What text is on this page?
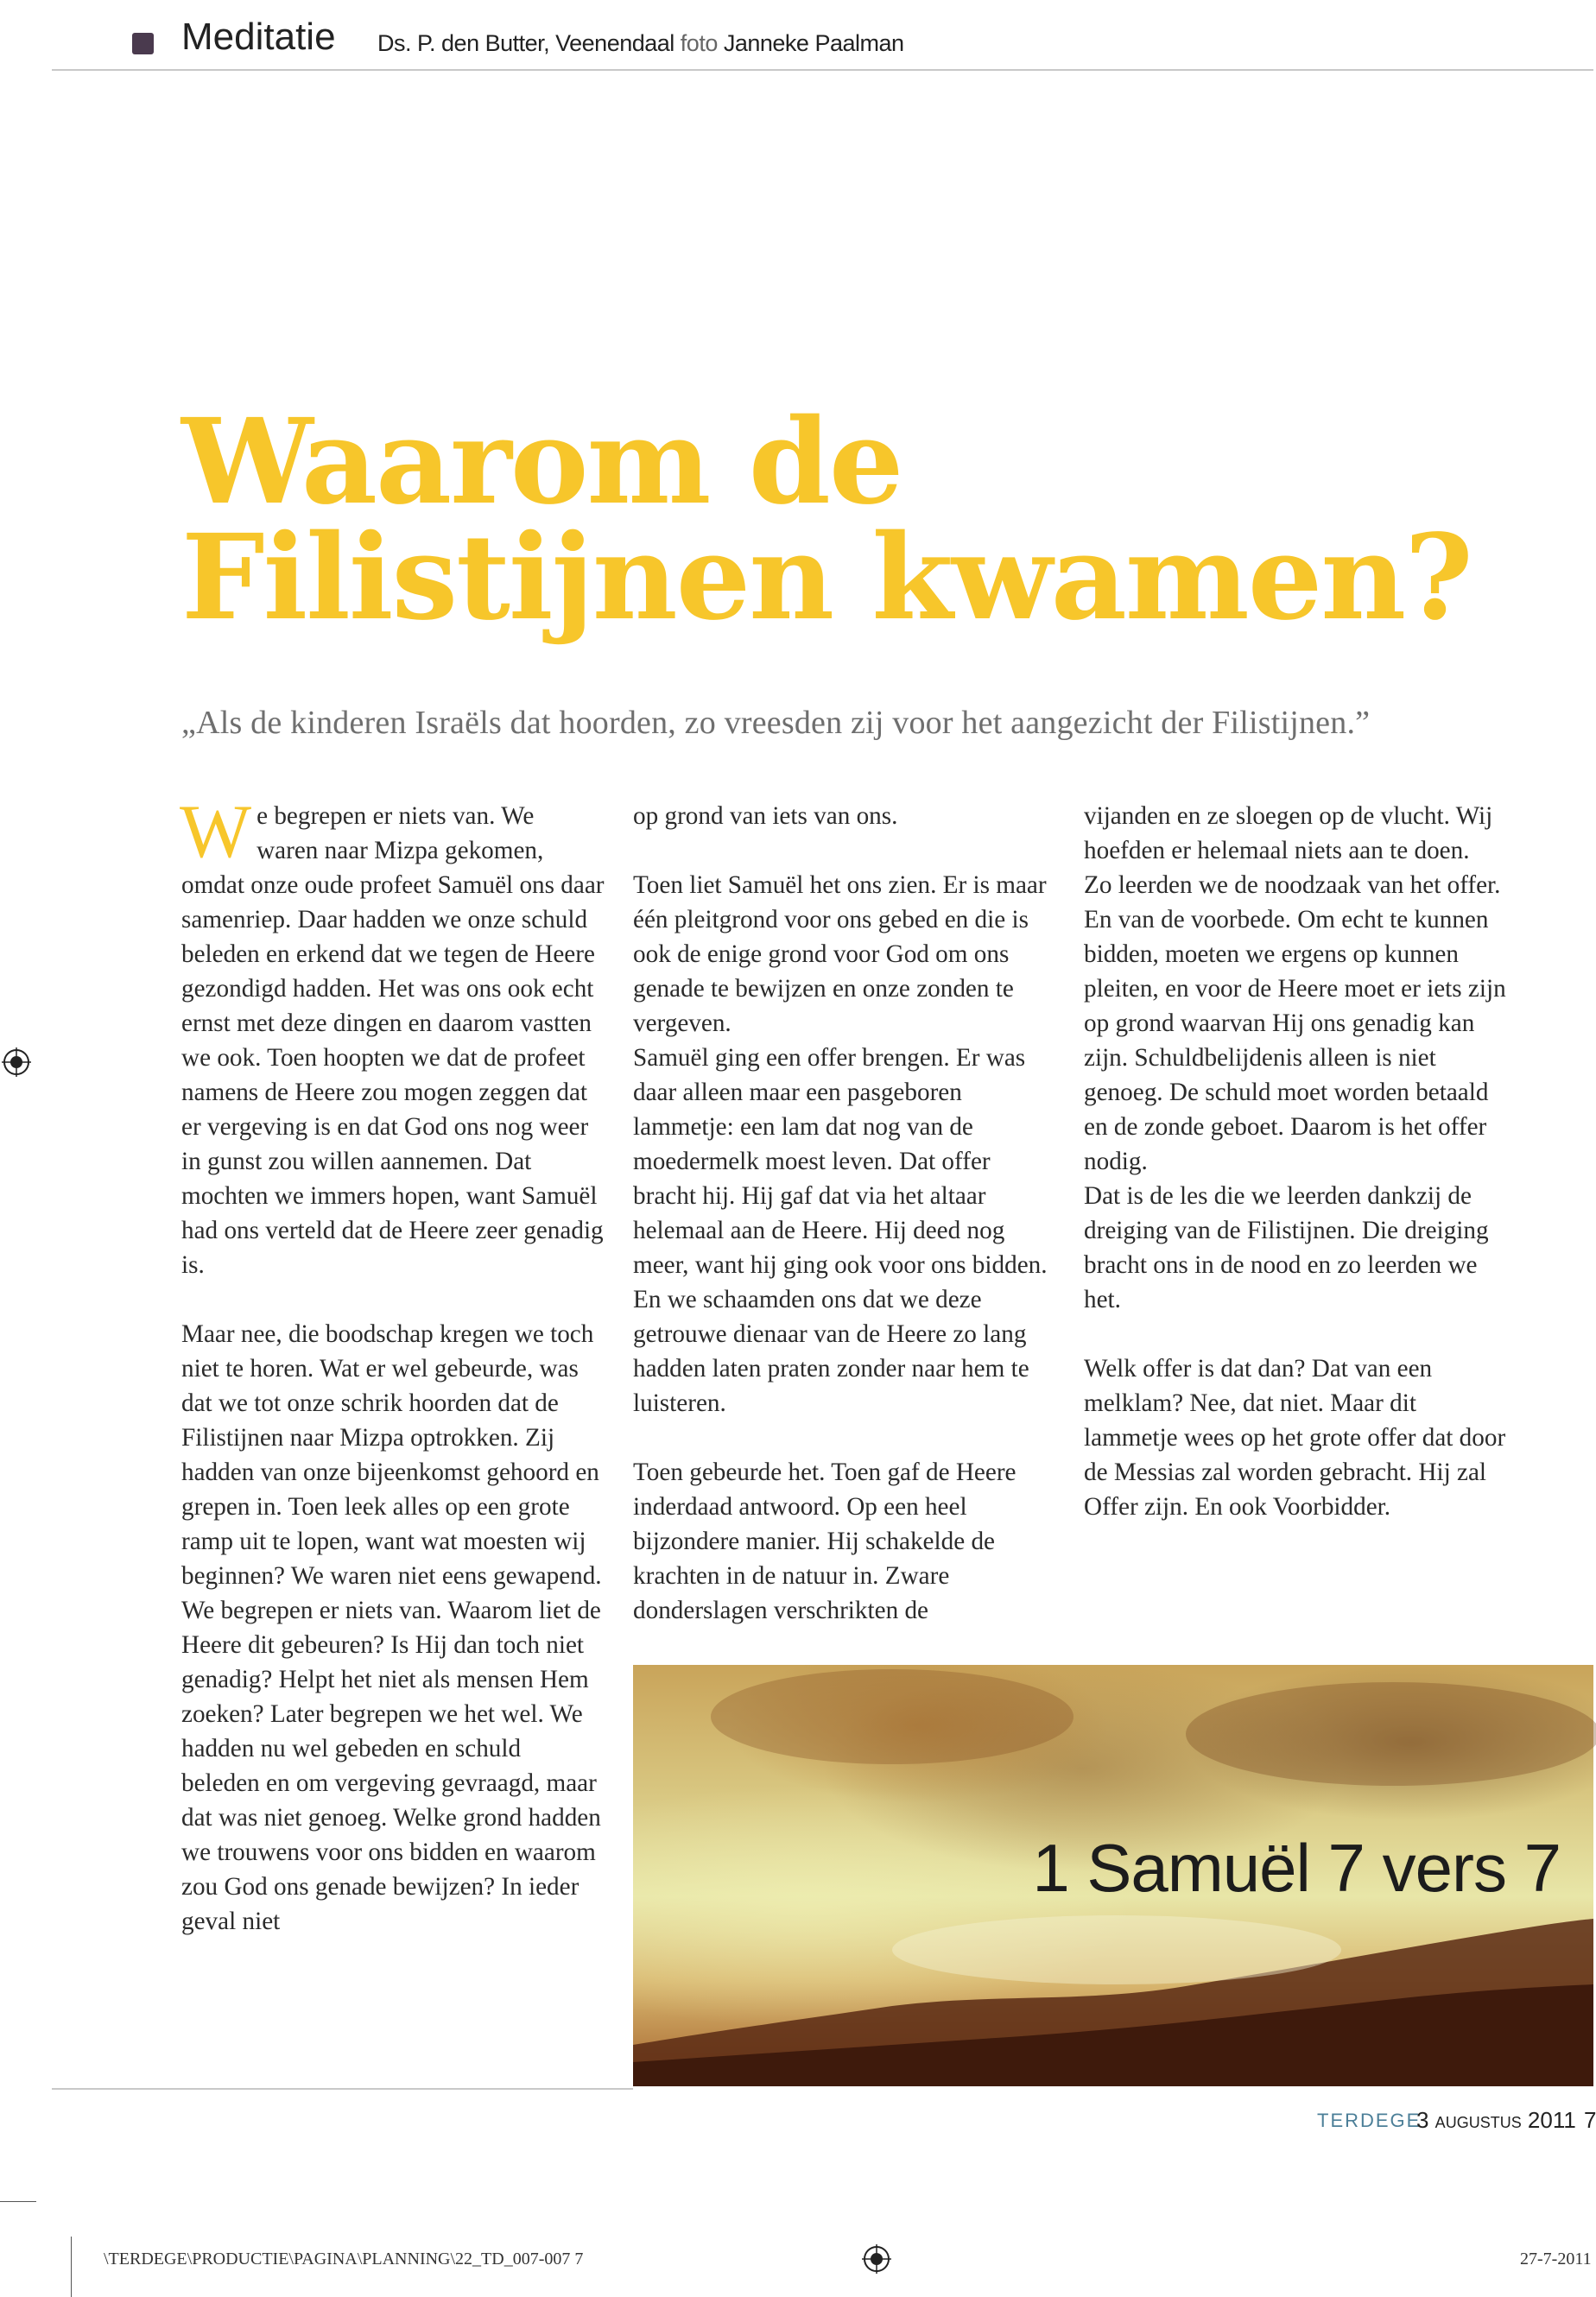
Meditatie Ds. P. den Butter, Veenendaal foto Janneke Paalman
Waarom de
Filistijnen kwamen?
„Als de kinderen Israëls dat hoorden, zo vreesden zij voor het aangezicht der Filistijnen.”
W e begrepen er niets van. We
waren naar Mizpa gekomen,

omdat onze oude profeet Samuël ons daar samenriep. Daar hadden we onze schuld beleden en erkend dat we tegen de Heere gezondigd hadden. Het was ons ook echt ernst met deze dingen en daarom vastten we ook. Toen hoopten we dat de profeet namens de Heere zou mogen zeggen dat er vergeving is en dat God ons nog weer in gunst zou willen aannemen. Dat mochten we immers hopen, want Samuël had ons verteld dat de Heere zeer genadig is.

Maar nee, die boodschap kregen we toch niet te horen. Wat er wel gebeurde, was dat we tot onze schrik hoorden dat de Filistijnen naar Mizpa optrokken. Zij hadden van onze bijeenkomst gehoord en grepen in. Toen leek alles op een grote ramp uit te lopen, want wat moesten wij beginnen? We waren niet eens gewapend. We begrepen er niets van. Waarom liet de Heere dit gebeuren? Is Hij dan toch niet genadig? Helpt het niet als mensen Hem zoeken? Later begrepen we het wel. We hadden nu wel gebeden en schuld beleden en om vergeving gevraagd, maar dat was niet genoeg. Welke grond hadden we trouwens voor ons bidden en waarom zou God ons genade bewijzen? In ieder geval niet

op grond van iets van ons.

Toen liet Samuël het ons zien. Er is maar één pleitgrond voor ons gebed en die is ook de enige grond voor God om ons genade te bewijzen en onze zonden te vergeven.

Samuël ging een offer brengen. Er was daar alleen maar een pasgeboren lammetje: een lam dat nog van de moedermelk moest leven. Dat offer bracht hij. Hij gaf dat via het altaar helemaal aan de Heere. Hij deed nog meer, want hij ging ook voor ons bidden. En we schaamden ons dat we deze getrouwe dienaar van de Heere zo lang hadden laten praten zonder naar hem te luisteren.

Toen gebeurde het. Toen gaf de Heere inderdaad antwoord. Op een heel bijzondere manier. Hij schakelde de krachten in de natuur in. Zware donderslagen verschrikten de

vijanden en ze sloegen op de vlucht. Wij hoefden er helemaal niets aan te doen.

Zo leerden we de noodzaak van het offer. En van de voorbede. Om echt te kunnen bidden, moeten we ergens op kunnen pleiten, en voor de Heere moet er iets zijn op grond waarvan Hij ons genadig kan zijn. Schuldbelijdenis alleen is niet genoeg. De schuld moet worden betaald en de zonde geboet. Daarom is het offer nodig.

Dat is de les die we leerden dankzij de dreiging van de Filistijnen. Die dreiging bracht ons in de nood en zo leerden we het.

Welk offer is dat dan? Dat van een melklam? Nee, dat niet. Maar dit lammetje wees op het grote offer dat door de Messias zal worden gebracht. Hij zal Offer zijn. En ook Voorbidder.

1 Samuël 7 vers 7
TERDEGE
3 augustus 2011 7
\TERDEGE\PRODUCTIE\PAGINA\PLANNING\22_TD_007-007 7	27-7-2011
